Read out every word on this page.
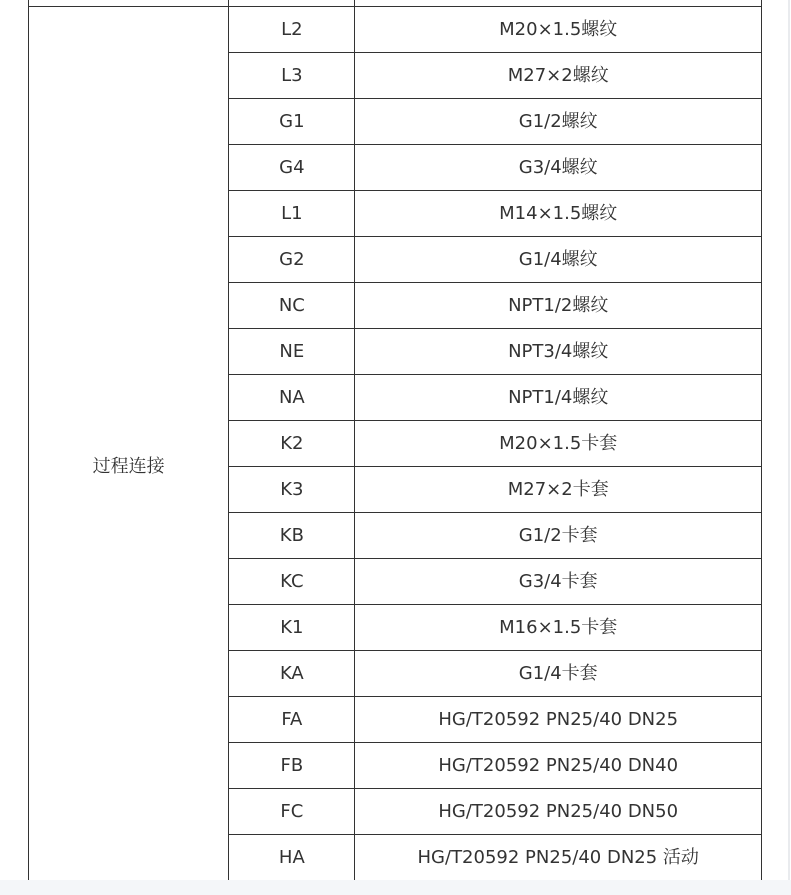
过程连接	L2	M20×1.5螺纹
	L3	M27×2螺纹
	G1	G1/2螺纹
	G4	G3/4螺纹
	L1	M14×1.5螺纹
	G2	G1/4螺纹
	NC	NPT1/2螺纹
	NE	NPT3/4螺纹
	NA	NPT1/4螺纹
	K2	M20×1.5卡套
	K3	M27×2卡套
	KB	G1/2卡套
	KC	G3/4卡套
	K1	M16×1.5卡套
	KA	G1/4卡套
	FA	HG/T20592 PN25/40 DN25
	FB	HG/T20592 PN25/40 DN40
	FC	HG/T20592 PN25/40 DN50
	HA	HG/T20592 PN25/40 DN25 活动
